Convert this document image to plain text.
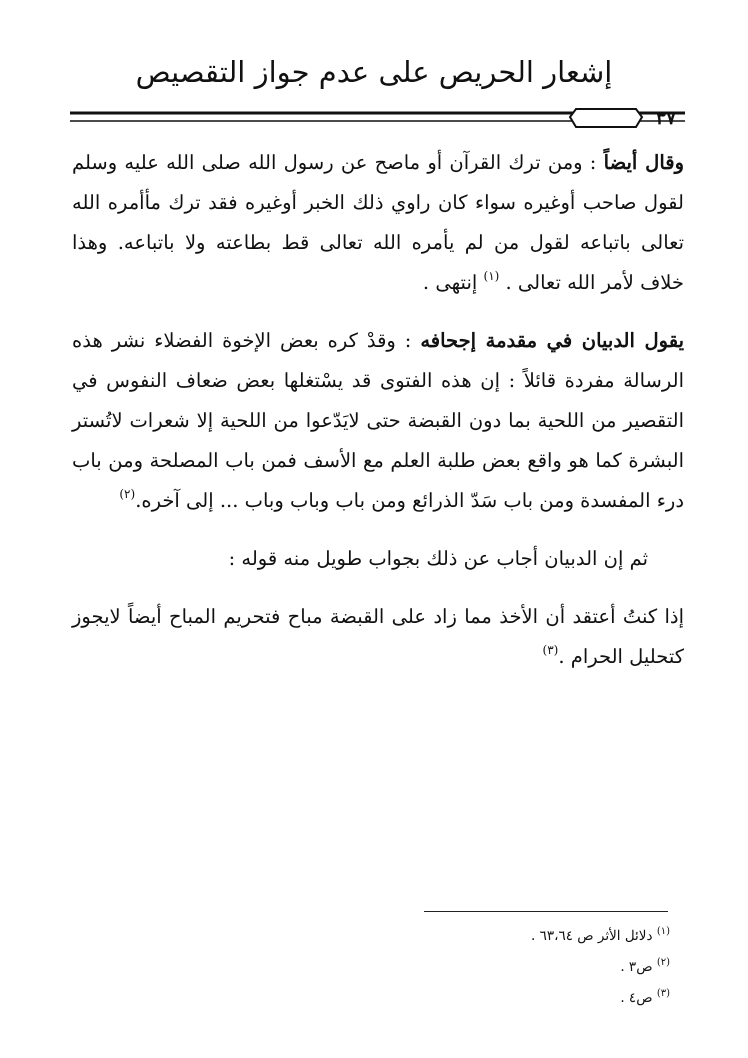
إشعار الحريص على عدم جواز التقصيص
٣٧

وقال أيضاً : ومن ترك القرآن أو ماصح عن رسول الله صلى الله عليه وسلم لقول صاحب أوغيره سواء كان راوي ذلك الخبر أوغيره فقد ترك مأأمره الله تعالى باتباعه لقول من لم يأمره الله تعالى قط بطاعته ولا باتباعه. وهذا خلاف لأمر الله تعالى . $^{(١)}$ إنتهى .

يقول الدبيان في مقدمة إجحافه : وقدْ كره بعض الإخوة الفضلاء نشر هذه الرسالة مفردة قائلاً : إن هذه الفتوى قد يسْتغلها بعض ضعاف النفوس في التقصير من اللحية بما دون القبضة حتى لايَدّعوا من اللحية إلا شعرات لاتُستر البشرة كما هو واقع بعض طلبة العلم مع الأسف فمن باب المصلحة ومن باب درء المفسدة ومن باب سَدّ الذرائع ومن باب وباب وباب ... إلى آخره.$^{(٢)}$

ثم إن الدبيان أجاب عن ذلك بجواب طويل منه قوله :

إذا كنتُ أعتقد أن الأخذ مما زاد على القبضة مباح فتحريم المباح أيضاً لايجوز كتحليل الحرام .$^{(٣)}$

$^{(١)}$ دلائل الأثر ص ٦٣،٦٤ .
$^{(٢)}$ ص٣ .
$^{(٣)}$ ص٤ .
